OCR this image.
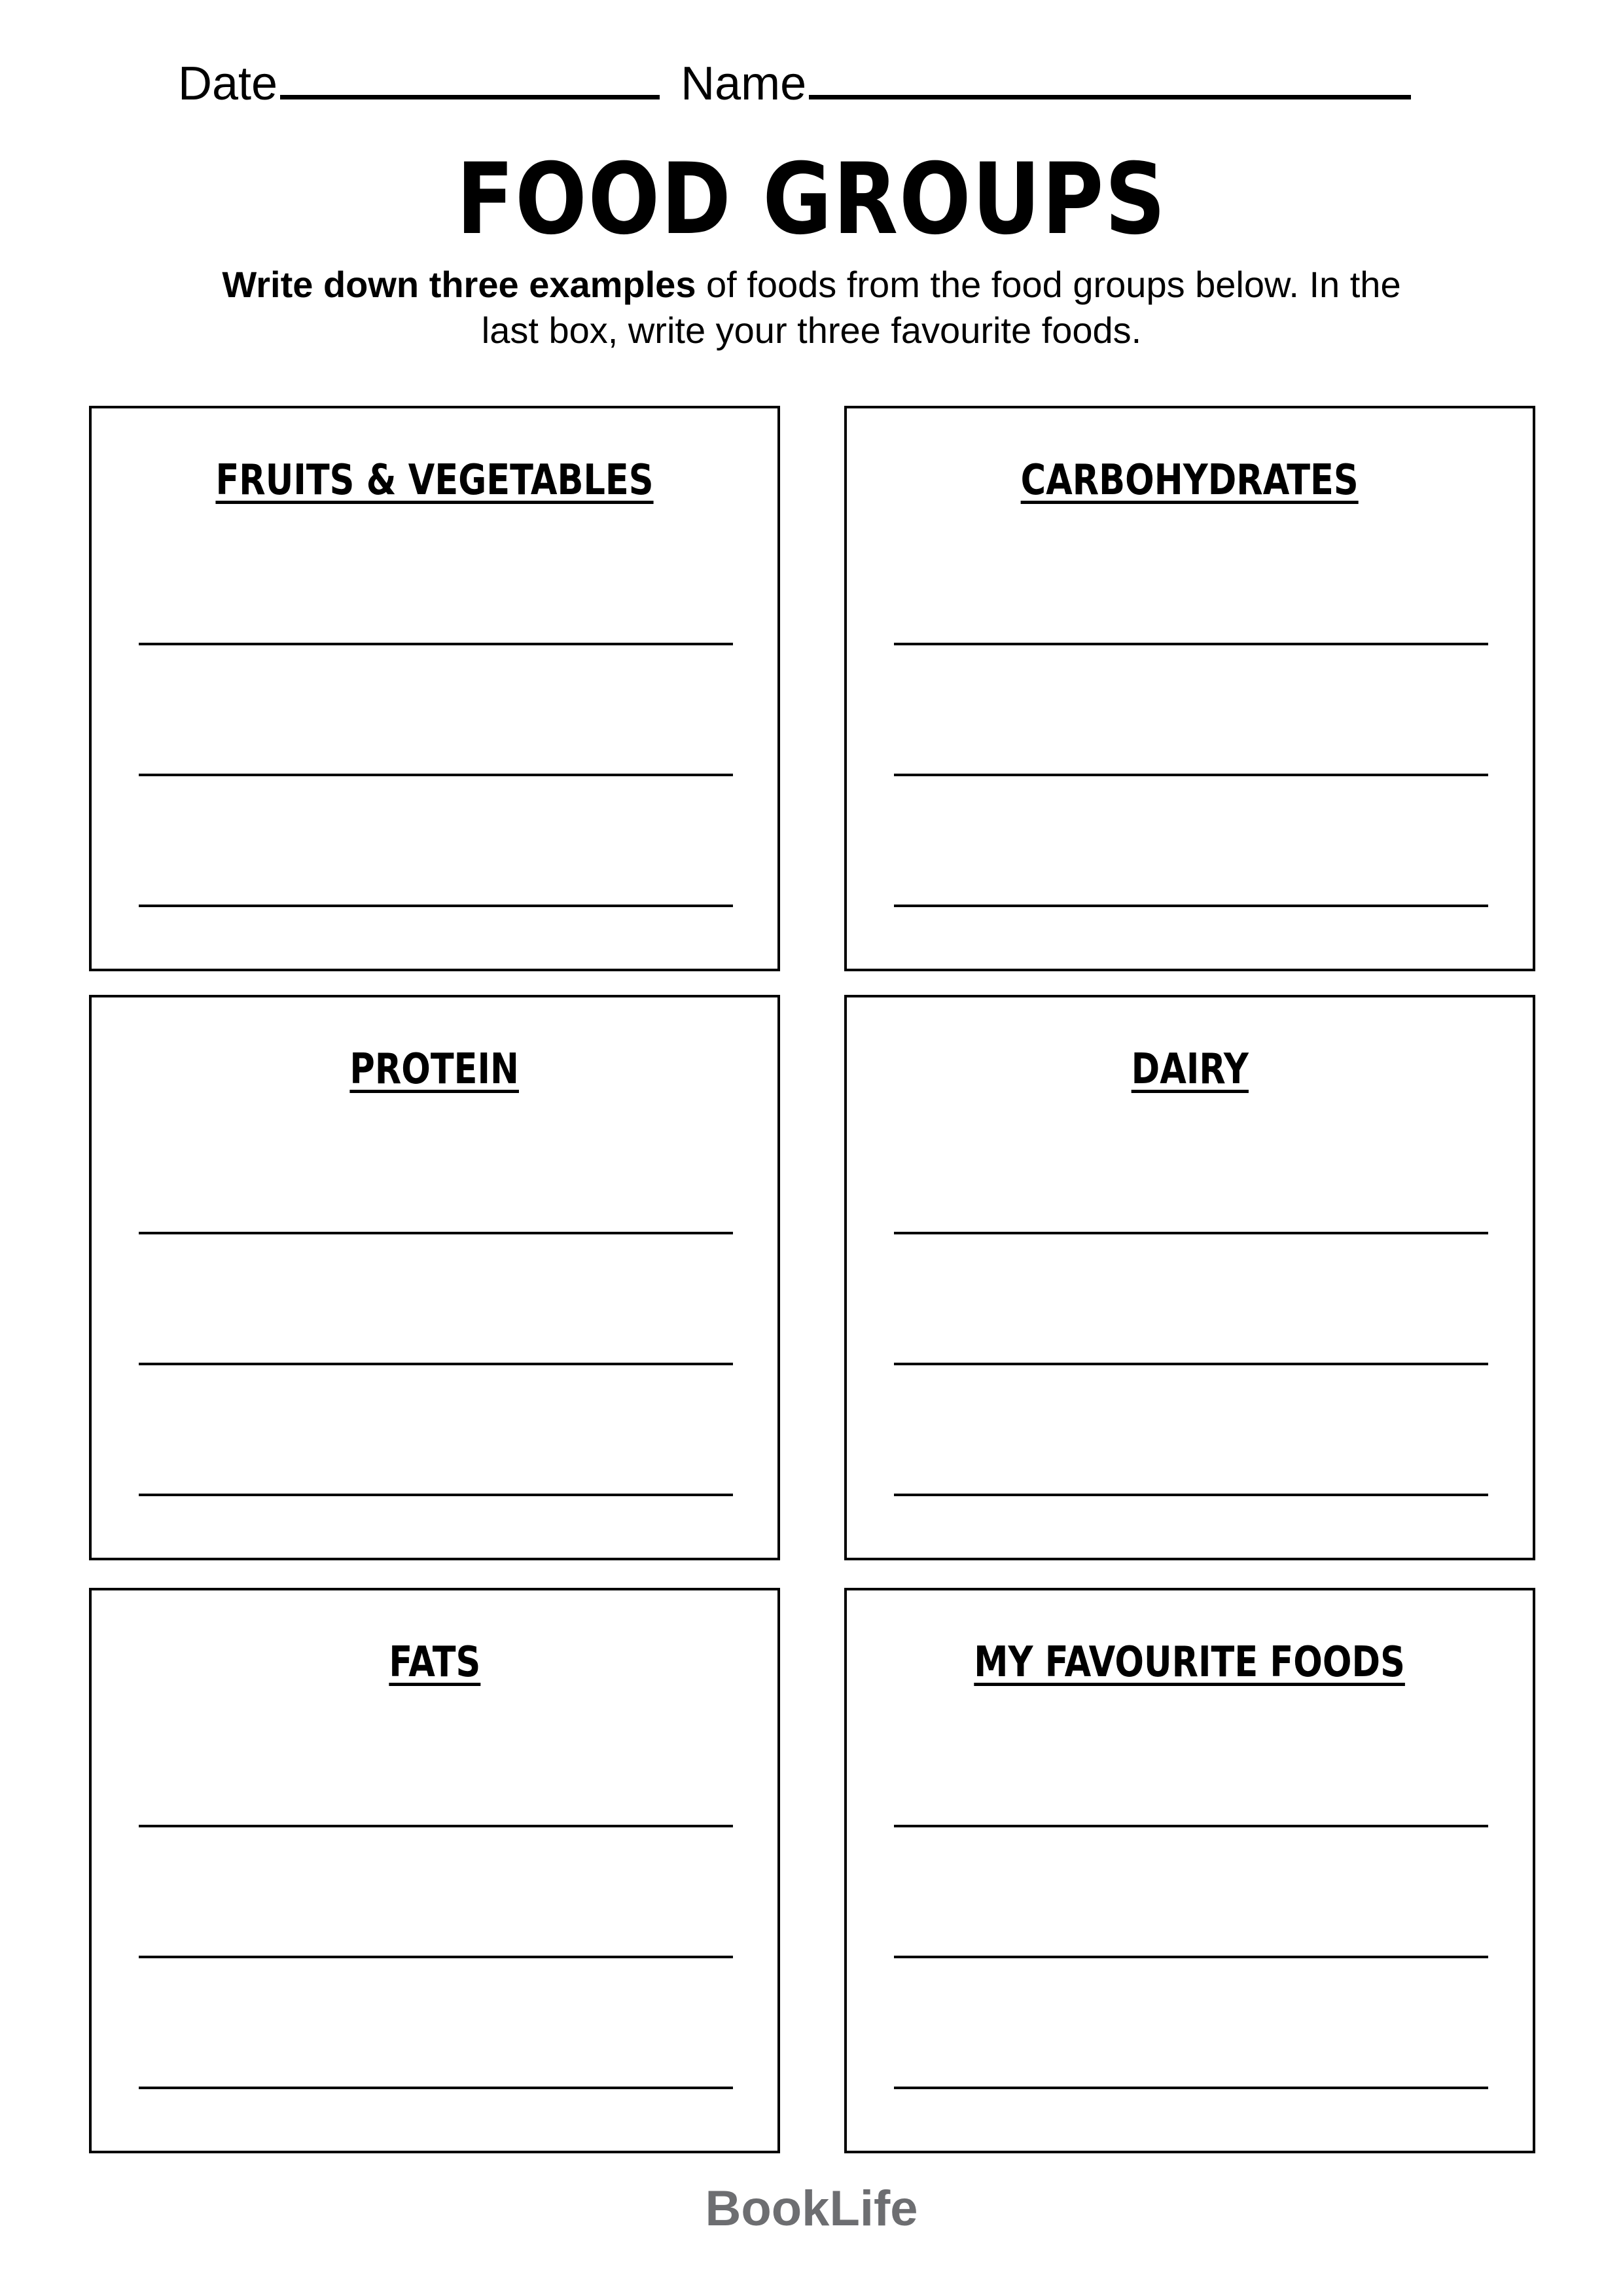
Date	Name
FOOD GROUPS
Write down three examples of foods from the food groups below. In the
last box, write your three favourite foods.
FRUITS & VEGETABLES	CARBOHYDRATES
PROTEIN	DAIRY
FATS	MY FAVOURITE FOODS
BookLife
